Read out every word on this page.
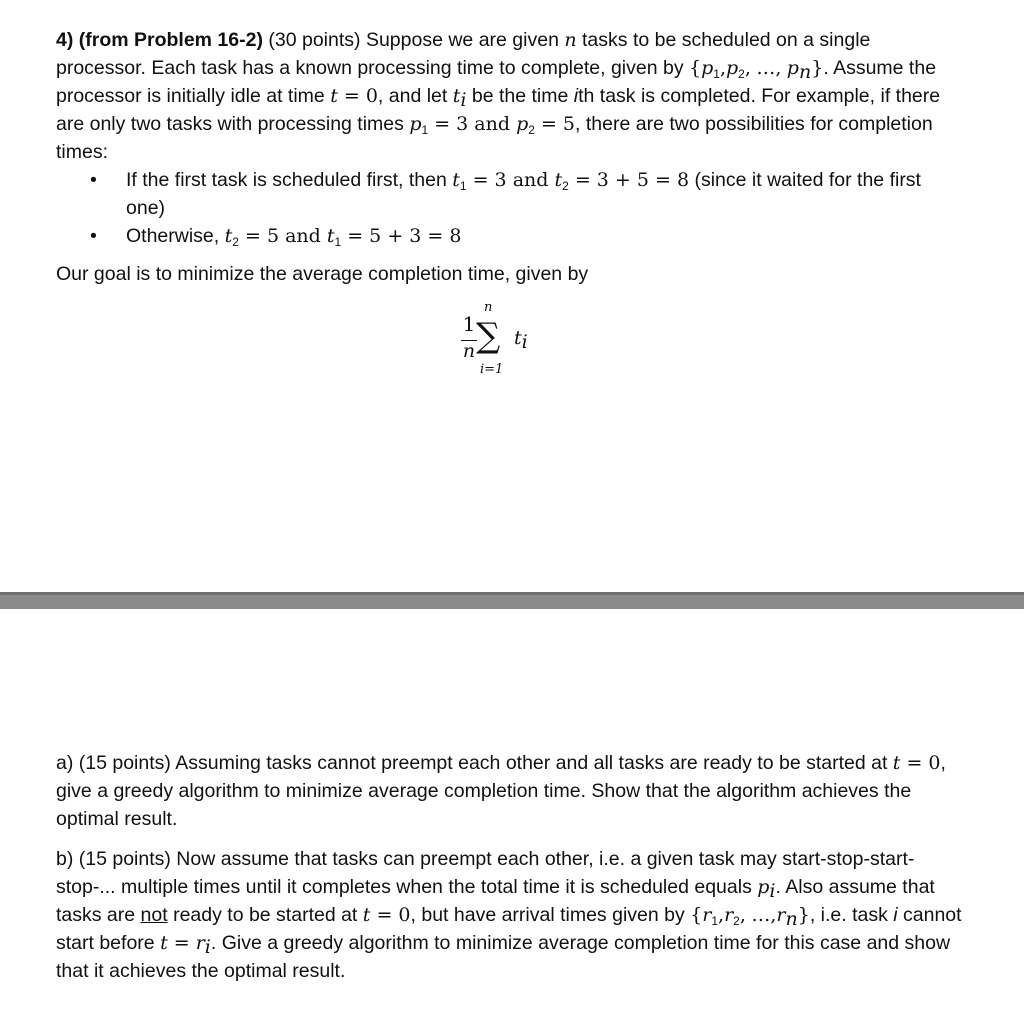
4) (from Problem 16-2) (30 points) Suppose we are given n tasks to be scheduled on a single processor. Each task has a known processing time to complete, given by {$p_1,p_2$, …, $p_n$}. Assume the processor is initially idle at time t = 0, and let $t_i$ be the time ith task is completed. For example, if there are only two tasks with processing times $p_1 = 3$ and $p_2 = 5$, there are two possibilities for completion times:

• If the first task is scheduled first, then $t_1 = 3$ and $t_2 = 3 + 5 = 8$ (since it waited for the first one)
• Otherwise, $t_2 = 5$ and $t_1 = 5 + 3 = 8$

Our goal is to minimize the average completion time, given by

1
n ∑
n
i=1
$t_i$

a) (15 points) Assuming tasks cannot preempt each other and all tasks are ready to be started at t = 0, give a greedy algorithm to minimize average completion time. Show that the algorithm achieves the optimal result.

b) (15 points) Now assume that tasks can preempt each other, i.e. a given task may start-stop-start-stop-... multiple times until it completes when the total time it is scheduled equals $p_i$. Also assume that tasks are not ready to be started at t = 0, but have arrival times given by {$r_1,r_2$, $\dots,r_n$}, i.e. task i cannot start before $t = r_i$. Give a greedy algorithm to minimize average completion time for this case and show that it achieves the optimal result.
